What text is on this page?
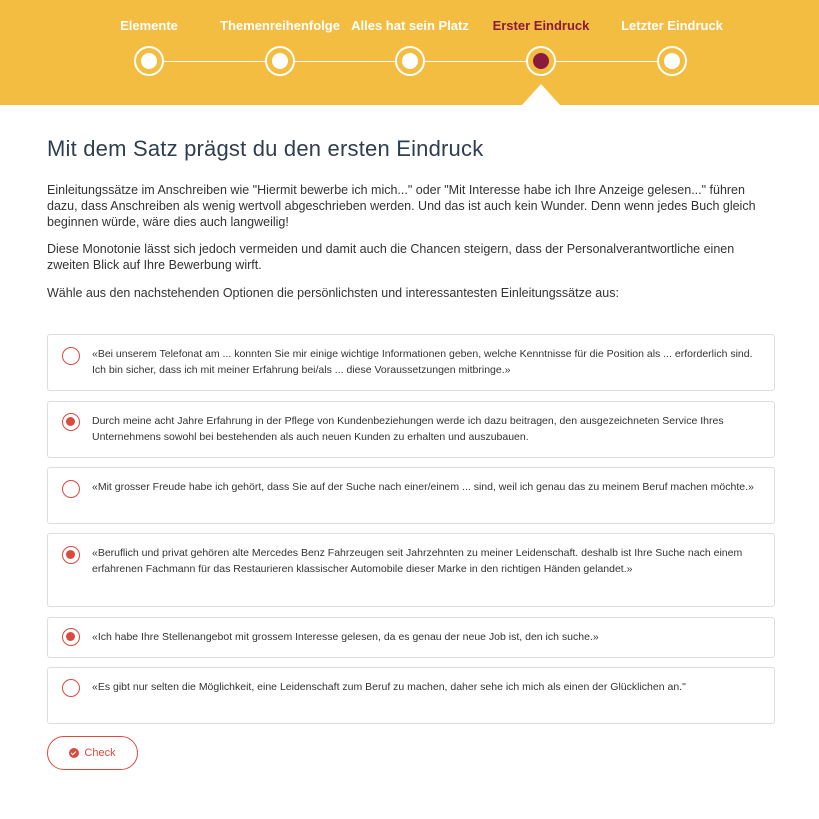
Elemente	Themenreihenfolge Alles hat sein Platz	Erster Eindruck	Letzter Eindruck
Mit dem Satz prägst du den ersten Eindruck

Einleitungssätze im Anschreiben wie "Hiermit bewerbe ich mich..." oder "Mit Interesse habe ich Ihre Anzeige gelesen..." führen dazu, dass Anschreiben als wenig wertvoll abgeschrieben werden. Und das ist auch kein Wunder. Denn wenn jedes Buch gleich beginnen würde, wäre dies auch langweilig!

Diese Monotonie lässt sich jedoch vermeiden und damit auch die Chancen steigern, dass der Personalverantwortliche einen zweiten Blick auf Ihre Bewerbung wirft.

Wähle aus den nachstehenden Optionen die persönlichsten und interessantesten Einleitungssätze aus:

«Bei unserem Telefonat am ... konnten Sie mir einige wichtige Informationen geben, welche Kenntnisse für die Position als ... erforderlich sind. Ich bin sicher, dass ich mit meiner Erfahrung bei/als ... diese Voraussetzungen mitbringe.»
Durch meine acht Jahre Erfahrung in der Pflege von Kundenbeziehungen werde ich dazu beitragen, den ausgezeichneten Service Ihres Unternehmens sowohl bei bestehenden als auch neuen Kunden zu erhalten und auszubauen.
«Mit grosser Freude habe ich gehört, dass Sie auf der Suche nach einer/einem ... sind, weil ich genau das zu meinem Beruf machen möchte.»
«Beruflich und privat gehören alte Mercedes Benz Fahrzeugen seit Jahrzehnten zu meiner Leidenschaft. deshalb ist Ihre Suche nach einem erfahrenen Fachmann für das Restaurieren klassischer Automobile dieser Marke in den richtigen Händen gelandet.»
«Ich habe Ihre Stellenangebot mit grossem Interesse gelesen, da es genau der neue Job ist, den ich suche.»
«Es gibt nur selten die Möglichkeit, eine Leidenschaft zum Beruf zu machen, daher sehe ich mich als einen der Glücklichen an."
Check
